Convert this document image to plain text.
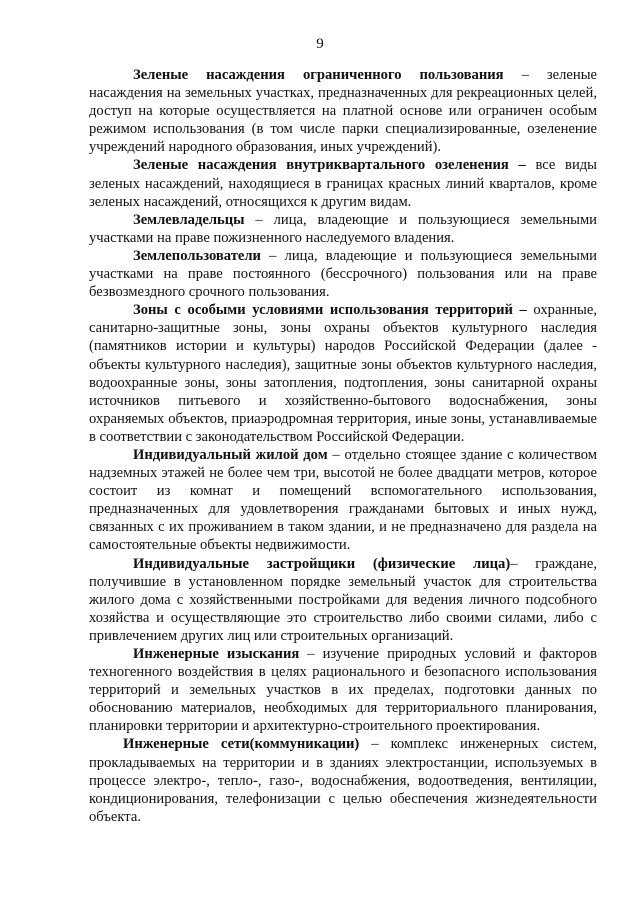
9

Зеленые насаждения ограниченного пользования – зеленые насаждения на земельных участках, предназначенных для рекреационных целей, доступ на которые осуществляется на платной основе или ограничен особым режимом использования (в том числе парки специализированные, озеленение учреждений народного образования, иных учреждений).

Зеленые насаждения внутриквартального озеленения – все виды зеленых насаждений, находящиеся в границах красных линий кварталов, кроме зеленых насаждений, относящихся к другим видам.

Землевладельцы – лица, владеющие и пользующиеся земельными участками на праве пожизненного наследуемого владения.

Землепользователи – лица, владеющие и пользующиеся земельными участками на праве постоянного (бессрочного) пользования или на праве безвозмездного срочного пользования.

Зоны с особыми условиями использования территорий – охранные, санитарно-защитные зоны, зоны охраны объектов культурного наследия (памятников истории и культуры) народов Российской Федерации (далее - объекты культурного наследия), защитные зоны объектов культурного наследия, водоохранные зоны, зоны затопления, подтопления, зоны санитарной охраны источников питьевого и хозяйственно-бытового водоснабжения, зоны охраняемых объектов, приаэродромная территория, иные зоны, устанавливаемые в соответствии с законодательством Российской Федерации.

Индивидуальный жилой дом – отдельно стоящее здание с количеством надземных этажей не более чем три, высотой не более двадцати метров, которое состоит из комнат и помещений вспомогательного использования, предназначенных для удовлетворения гражданами бытовых и иных нужд, связанных с их проживанием в таком здании, и не предназначено для раздела на самостоятельные объекты недвижимости.

Индивидуальные застройщики (физические лица)– граждане, получившие в установленном порядке земельный участок для строительства жилого дома с хозяйственными постройками для ведения личного подсобного хозяйства и осуществляющие это строительство либо своими силами, либо с привлечением других лиц или строительных организаций.

Инженерные изыскания – изучение природных условий и факторов техногенного воздействия в целях рационального и безопасного использования территорий и земельных участков в их пределах, подготовки данных по обоснованию материалов, необходимых для территориального планирования, планировки территории и архитектурно-строительного проектирования.

Инженерные сети(коммуникации) – комплекс инженерных систем, прокладываемых на территории и в зданиях электростанции, используемых в процессе электро-, тепло-, газо-, водоснабжения, водоотведения, вентиляции, кондиционирования, телефонизации с целью обеспечения жизнедеятельности объекта.
